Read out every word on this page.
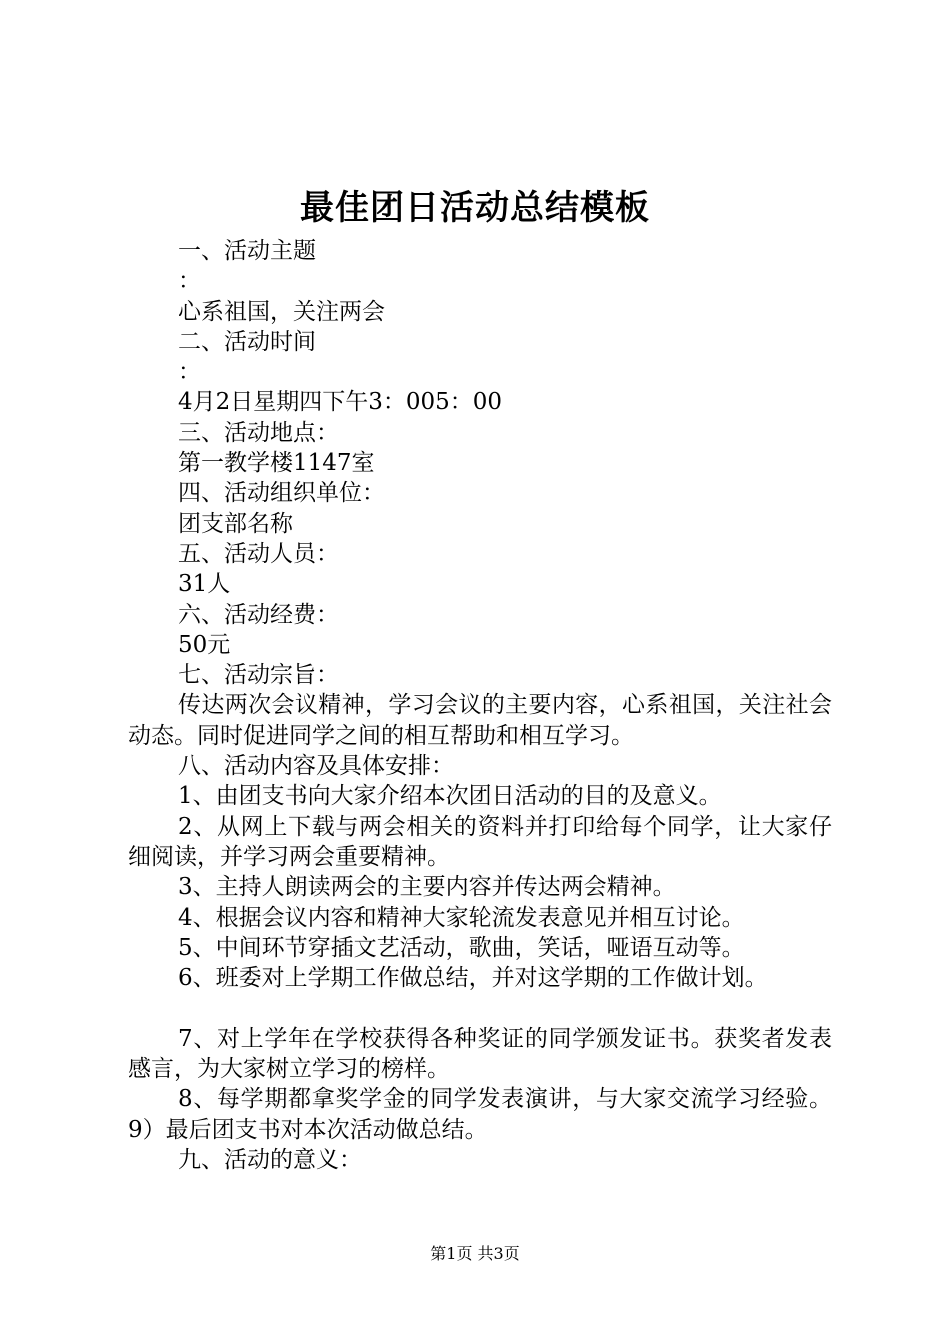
最佳团日活动总结模板

一、活动主题

：

心系祖国，关注两会

二、活动时间

：

4月2日星期四下午3：005：00

三、活动地点：

第一教学楼1147室

四、活动组织单位：

团支部名称

五、活动人员：

31人

六、活动经费：

50元

七、活动宗旨：

传达两次会议精神，学习会议的主要内容，心系祖国，关注社会动态。同时促进同学之间的相互帮助和相互学习。

八、活动内容及具体安排：

1、由团支书向大家介绍本次团日活动的目的及意义。

2、从网上下载与两会相关的资料并打印给每个同学，让大家仔细阅读，并学习两会重要精神。

3、主持人朗读两会的主要内容并传达两会精神。

4、根据会议内容和精神大家轮流发表意见并相互讨论。

5、中间环节穿插文艺活动，歌曲，笑话，哑语互动等。

6、班委对上学期工作做总结，并对这学期的工作做计划。

7、对上学年在学校获得各种奖证的同学颁发证书。获奖者发表感言，为大家树立学习的榜样。

8、每学期都拿奖学金的同学发表演讲，与大家交流学习经验。9）最后团支书对本次活动做总结。

九、活动的意义：

第1页 共3页
